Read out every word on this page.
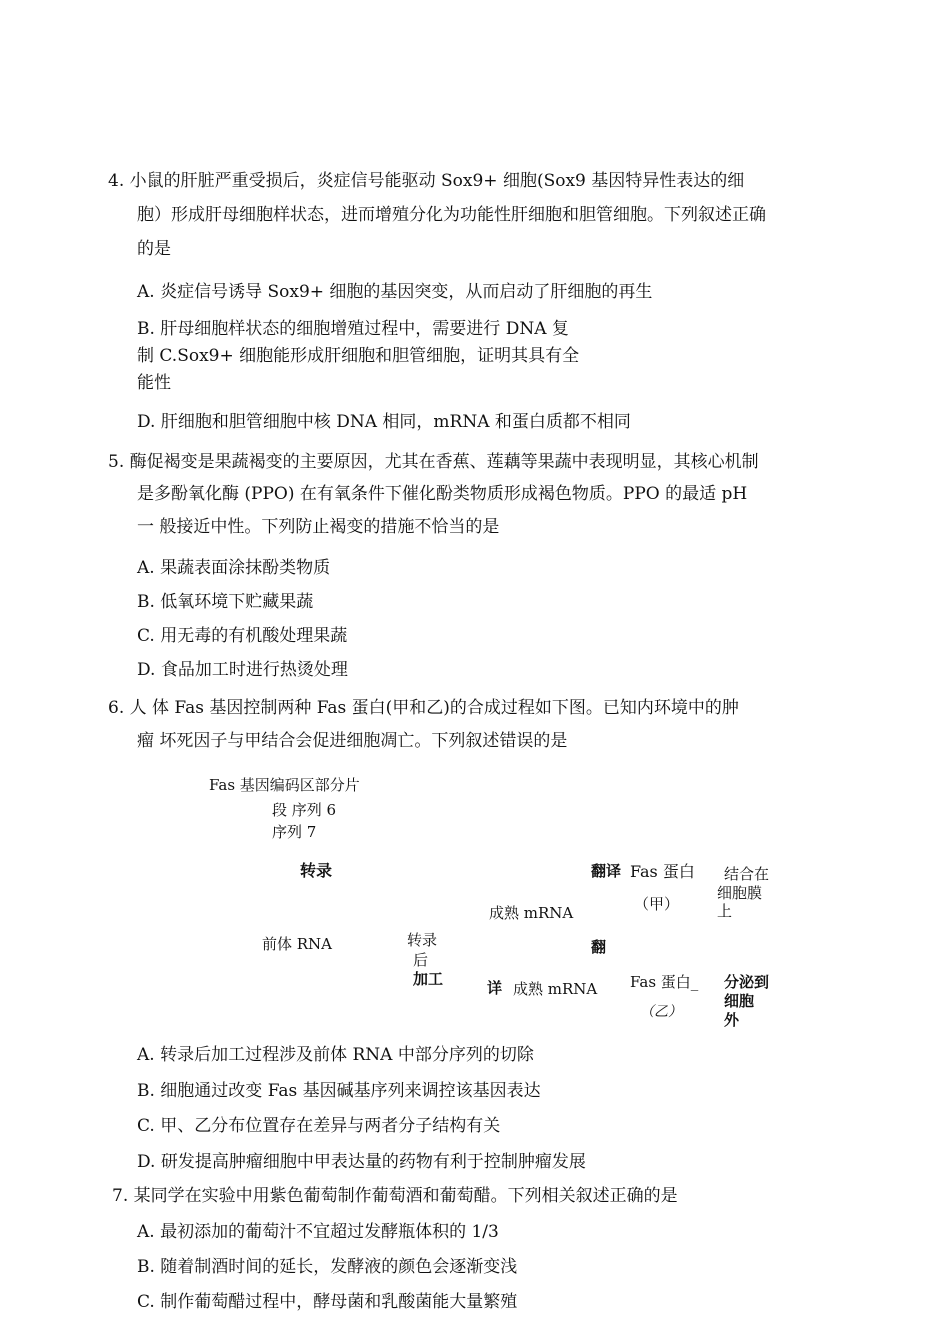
4. 小鼠的肝脏严重受损后，炎症信号能驱动 Sox9+ 细胞(Sox9 基因特异性表达的细
胞）形成肝母细胞样状态，进而增殖分化为功能性肝细胞和胆管细胞。下列叙述正确
的是
A. 炎症信号诱导 Sox9+ 细胞的基因突变，从而启动了肝细胞的再生
B. 肝母细胞样状态的细胞增殖过程中，需要进行 DNA 复
制 C.Sox9+ 细胞能形成肝细胞和胆管细胞，证明其具有全
能性
D. 肝细胞和胆管细胞中核 DNA 相同，mRNA 和蛋白质都不相同
5. 酶促褐变是果蔬褐变的主要原因，尤其在香蕉、莲藕等果蔬中表现明显，其核心机制
是多酚氧化酶 (PPO) 在有氧条件下催化酚类物质形成褐色物质。PPO 的最适 pH
一 般接近中性。下列防止褐变的措施不恰当的是
A. 果蔬表面涂抹酚类物质
B. 低氧环境下贮藏果蔬
C. 用无毒的有机酸处理果蔬
D. 食品加工时进行热烫处理
6. 人 体 Fas 基因控制两种 Fas 蛋白(甲和乙)的合成过程如下图。已知内环境中的肿
瘤 坏死因子与甲结合会促进细胞凋亡。下列叙述错误的是
Fas 基因编码区部分片
段 序列 6
序列 7
转录
前体 RNA	转录
后
加工
成熟 mRNA
翻译 Fas 蛋白
（甲）
结合在
细胞膜
上
翻
详 成熟 mRNA Fas 蛋白_
（乙）
分泌到
细胞
外
A. 转录后加工过程涉及前体 RNA 中部分序列的切除
B. 细胞通过改变 Fas 基因碱基序列来调控该基因表达
C. 甲、乙分布位置存在差异与两者分子结构有关
D. 研发提高肿瘤细胞中甲表达量的药物有利于控制肿瘤发展
7. 某同学在实验中用紫色葡萄制作葡萄酒和葡萄醋。下列相关叙述正确的是
A. 最初添加的葡萄汁不宜超过发酵瓶体积的 1/3
B. 随着制酒时间的延长，发酵液的颜色会逐渐变浅
C. 制作葡萄醋过程中，酵母菌和乳酸菌能大量繁殖
